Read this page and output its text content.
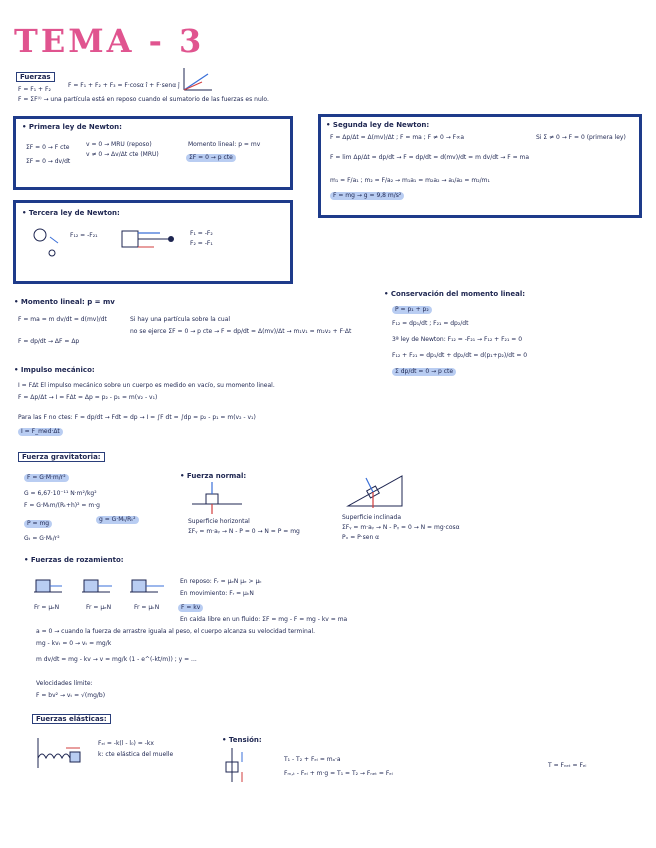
TEMA - 3
Fuerzas
F = F₁ + F₂
F = F₁ + F₂ + F₃ = F·cosα î + F·senα ĵ
F = ΣF⁽ⁱ⁾ → una partícula está en reposo cuando el sumatorio de las fuerzas es nulo.
• Primera ley de Newton:
ΣF = 0 → F cte
ΣF = 0 → dv/dt
v = 0 → MRU (reposo)
v ≠ 0 → Δv/Δt cte (MRU)
Momento lineal: p = mv
ΣF = 0 → p cte
• Segunda ley de Newton:
F = Δp/Δt = Δ(mv)/Δt ; F = ma ; F ≠ 0 → F∝a	Si Σ ≠ 0 → F = 0 (primera ley)
F = lim Δp/Δt = dp/dt → F = dp/dt = d(mv)/dt = m dv/dt → F = ma
m₁ = F/a₁ ; m₂ = F/a₂ → m₁a₁ = m₂a₂ → a₁/a₂ = m₂/m₁
F = mg → g = 9,8 m/s²
• Tercera ley de Newton:
F₁₂ = -F₂₁	F₁ = -F₂
F₂ = -F₁
• Momento lineal: p = mv
F = ma = m dv/dt = d(mv)/dt
F = dp/dt → ΔF = Δp
Si hay una partícula sobre la cual
no se ejerce ΣF = 0 → p cte → F = dp/dt = Δ(mv)/Δt → m₁v₁ = m₂v₂ + F·Δt
• Conservación del momento lineal:
P = p₁ + p₂
F₁₂ = dp₁/dt ; F₂₁ = dp₂/dt
3ª ley de Newton: F₁₂ = -F₂₁ → F₁₂ + F₂₁ = 0
F₁₂ + F₂₁ = dp₁/dt + dp₂/dt = d(p₁+p₂)/dt = 0
Σ dp/dt = 0 → p cte
• Impulso mecánico:
I = FΔt El impulso mecánico sobre un cuerpo es medido en vacío, su momento lineal.
F = Δp/Δt → I = FΔt = Δp = p₂ - p₁ = m(v₂ - v₁)
Para las F no ctes: F = dp/dt → Fdt = dp → I = ∫F dt = ∫dp = p₂ - p₁ = m(v₂ - v₁)
I = F_med·Δt
Fuerza gravitatoria:
F = G·M·m/r²
G = 6,67·10⁻¹¹ N·m²/kg²
F = G·Mₜm/(Rₜ+h)² = m·g
P = mg
g = G·Mₜ/Rₜ²
Gₜ = G·Mₜ/r²
• Fuerza normal:
Superficie horizontal
ΣFᵧ = m·aᵧ → N - P = 0 → N = P = mg
Superficie inclinada
ΣFᵧ = m·aᵧ → N - Pᵧ = 0 → N = mg·cosα
Pₓ = P·sen α
• Fuerzas de rozamiento:
Fr = μₑN	Fr = μₑN	Fr = μₖN
En reposo: Fᵣ = μₑN μₑ > μₖ
En movimiento: Fᵣ = μₖN
F = kv
En caída libre en un fluido: ΣF = mg - F = mg - kv = ma
a = 0 → cuando la fuerza de arrastre iguala al peso, el cuerpo alcanza su velocidad terminal.
mg - kvₜ = 0 → vₜ = mg/k
m dv/dt = mg - kv → v = mg/k (1 - e^(-kt/m)) ; y = ...
Velocidades límite:
F = bv² → vₜ = √(mg/b)
Fuerzas elásticas:
Fₑₗ = -k(l - l₀) = -kx
k: cte elástica del muelle
• Tensión:
T₁ - T₂ + Fₑₗ = mₐ·a
Fₘ,ₜ - Fₑₗ + m·g = T₁ = T₂ → Fₙₑₜ = Fₑₗ
T = Fₙₑₜ = Fₑₗ
